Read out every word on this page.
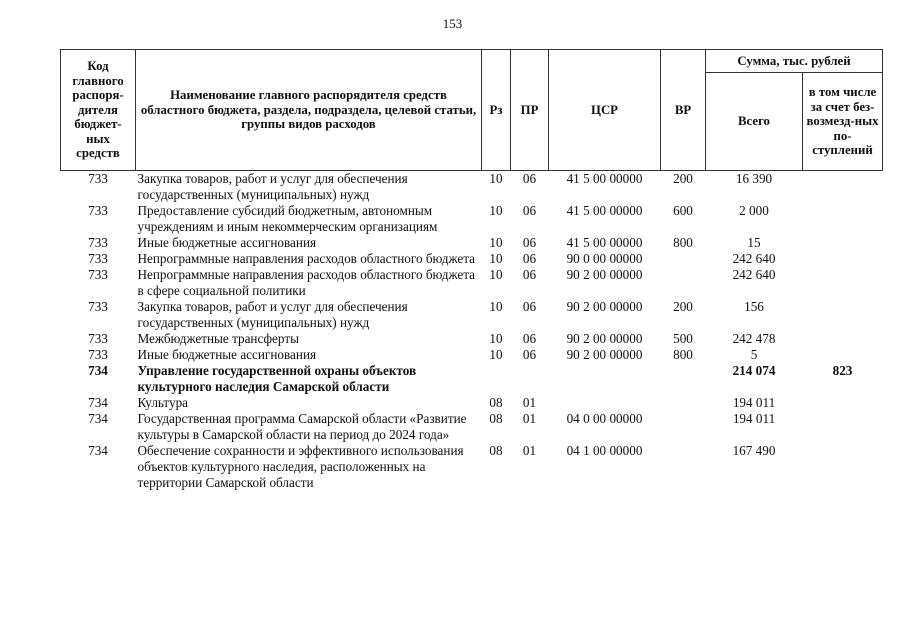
153
Код главного распоря-дителя бюджет-ных средств	Наименование главного распорядителя средств областного бюджета, раздела, подраздела, целевой статьи, группы видов расходов	Рз	ПР	ЦСР	ВР	Сумма, тыс. рублей	
						Всего	в том числе за счет без-возмезд-ных по-ступлений
733	Закупка товаров, работ и услуг для обеспечения государственных (муниципальных) нужд	10	06	41 5 00 00000	200	16 390	
733	Предоставление субсидий бюджетным, автономным учреждениям и иным некоммерческим организациям	10	06	41 5 00 00000	600	2 000	
733	Иные бюджетные ассигнования	10	06	41 5 00 00000	800	15	
733	Непрограммные направления расходов областного бюджета	10	06	90 0 00 00000		242 640	
733	Непрограммные направления расходов областного бюджета в сфере социальной политики	10	06	90 2 00 00000		242 640	
733	Закупка товаров, работ и услуг для обеспечения государственных (муниципальных) нужд	10	06	90 2 00 00000	200	156	
733	Межбюджетные трансферты	10	06	90 2 00 00000	500	242 478	
733	Иные бюджетные ассигнования	10	06	90 2 00 00000	800	5	
734	Управление государственной охраны объектов культурного наследия Самарской области					214 074	823
734	Культура	08	01			194 011	
734	Государственная программа Самарской области «Развитие культуры в Самарской области на период до 2024 года»	08	01	04 0 00 00000		194 011	
734	Обеспечение сохранности и эффективного использования объектов культурного наследия, расположенных на территории Самарской области	08	01	04 1 00 00000		167 490	
